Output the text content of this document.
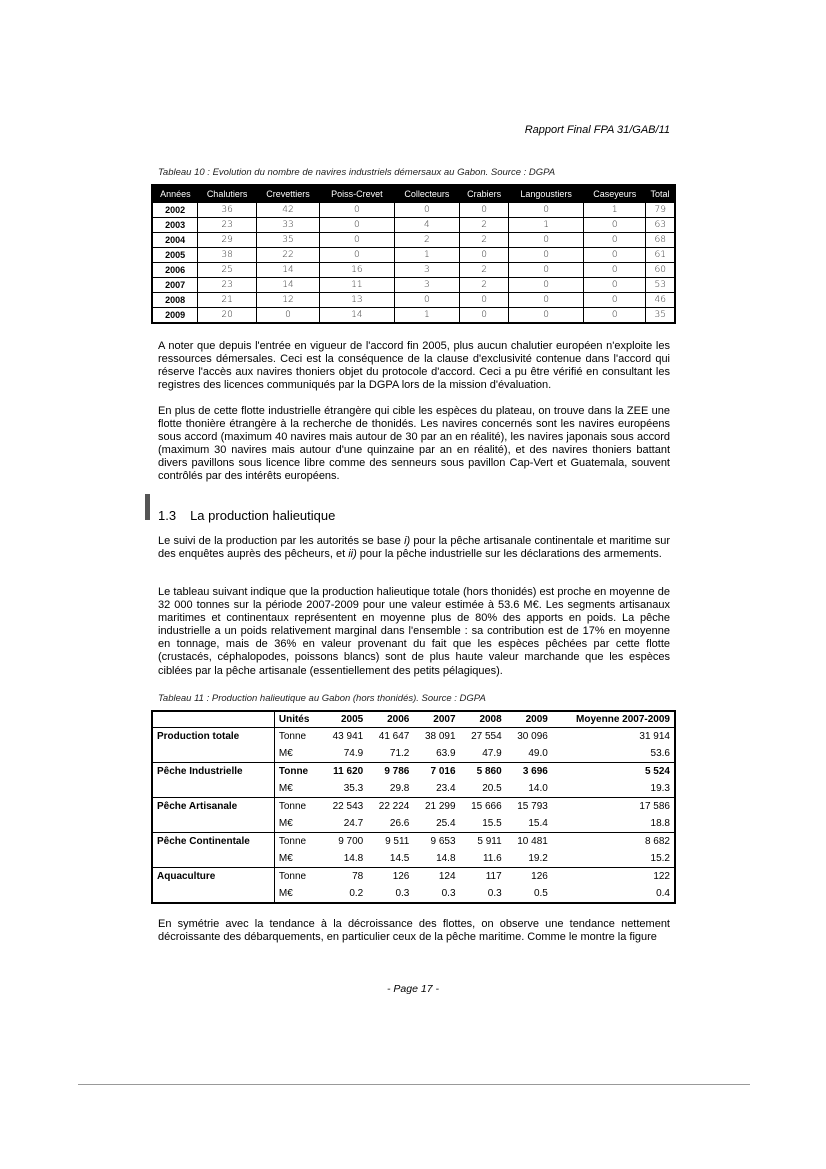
Rapport Final FPA 31/GAB/11
Tableau 10 : Evolution du nombre de navires industriels démersaux au Gabon. Source : DGPA
Années	Chalutiers	Crevettiers	Poiss-Crevet	Collecteurs	Crabiers	Langoustiers	Caseyeurs	Total
2002	36	42	0	0	0	0	1	79
2003	23	33	0	4	2	1	0	63
2004	29	35	0	2	2	0	0	68
2005	38	22	0	1	0	0	0	61
2006	25	14	16	3	2	0	0	60
2007	23	14	11	3	2	0	0	53
2008	21	12	13	0	0	0	0	46
2009	20	0	14	1	0	0	0	35

A noter que depuis l'entrée en vigueur de l'accord fin 2005, plus aucun chalutier européen n'exploite les ressources démersales. Ceci est la conséquence de la clause d'exclusivité contenue dans l'accord qui réserve l'accès aux navires thoniers objet du protocole d'accord. Ceci a pu être vérifié en consultant les registres des licences communiqués par la DGPA lors de la mission d'évaluation.

En plus de cette flotte industrielle étrangère qui cible les espèces du plateau, on trouve dans la ZEE une flotte thonière étrangère à la recherche de thonidés. Les navires concernés sont les navires européens sous accord (maximum 40 navires mais autour de 30 par an en réalité), les navires japonais sous accord (maximum 30 navires mais autour d'une quinzaine par an en réalité), et des navires thoniers battant divers pavillons sous licence libre comme des senneurs sous pavillon Cap-Vert et Guatemala, souvent contrôlés par des intérêts européens.

1.3 La production halieutique

Le suivi de la production par les autorités se base i) pour la pêche artisanale continentale et maritime sur des enquêtes auprès des pêcheurs, et ii) pour la pêche industrielle sur les déclarations des armements.

Le tableau suivant indique que la production halieutique totale (hors thonidés) est proche en moyenne de 32 000 tonnes sur la période 2007-2009 pour une valeur estimée à 53.6 M€. Les segments artisanaux maritimes et continentaux représentent en moyenne plus de 80% des apports en poids. La pêche industrielle a un poids relativement marginal dans l'ensemble : sa contribution est de 17% en moyenne en tonnage, mais de 36% en valeur provenant du fait que les espèces pêchées par cette flotte (crustacés, céphalopodes, poissons blancs) sont de plus haute valeur marchande que les espèces ciblées par la pêche artisanale (essentiellement des petits pélagiques).

Tableau 11 : Production halieutique au Gabon (hors thonidés). Source : DGPA
	Unités	2005	2006	2007	2008	2009	Moyenne 2007-2009
Production totale	Tonne	43 941	41 647	38 091	27 554	30 096	31 914
	M€	74.9	71.2	63.9	47.9	49.0	53.6
Pêche Industrielle	Tonne	11 620	9 786	7 016	5 860	3 696	5 524
	M€	35.3	29.8	23.4	20.5	14.0	19.3
Pêche Artisanale	Tonne	22 543	22 224	21 299	15 666	15 793	17 586
	M€	24.7	26.6	25.4	15.5	15.4	18.8
Pêche Continentale	Tonne	9 700	9 511	9 653	5 911	10 481	8 682
	M€	14.8	14.5	14.8	11.6	19.2	15.2
Aquaculture	Tonne	78	126	124	117	126	122
	M€	0.2	0.3	0.3	0.3	0.5	0.4

En symétrie avec la tendance à la décroissance des flottes, on observe une tendance nettement décroissante des débarquements, en particulier ceux de la pêche maritime. Comme le montre la figure

- Page 17 -
